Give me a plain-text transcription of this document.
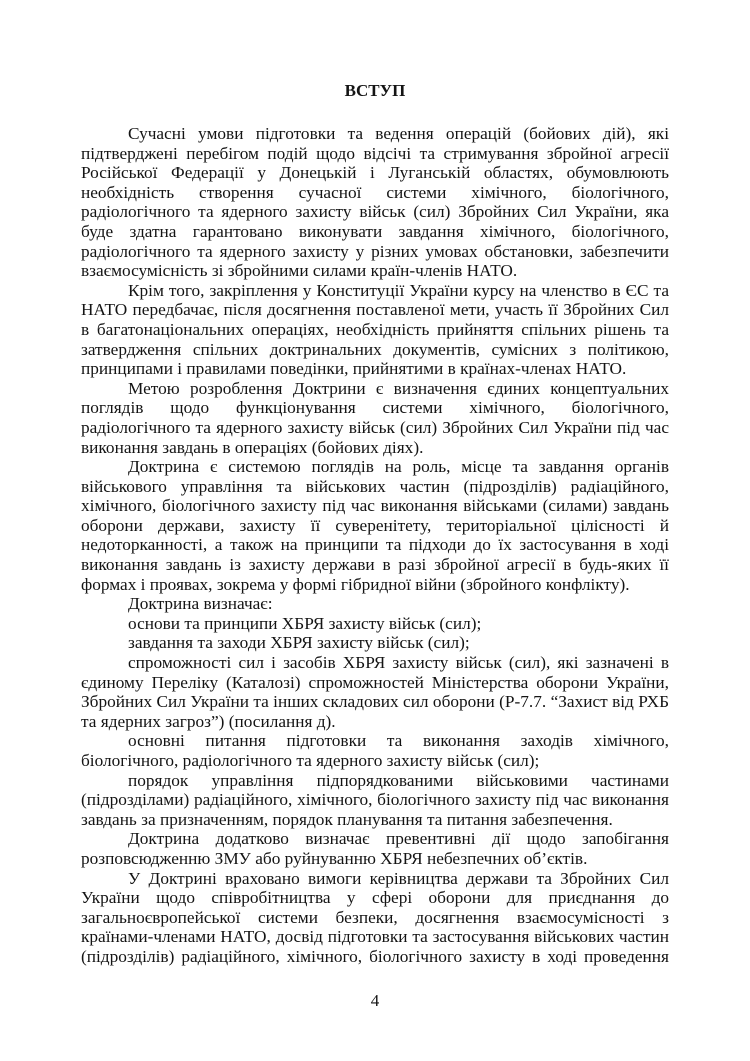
ВСТУП

Сучасні умови підготовки та ведення операцій (бойових дій), які підтверджені перебігом подій щодо відсічі та стримування збройної агресії Російської Федерації у Донецькій і Луганській областях, обумовлюють необхідність створення сучасної системи хімічного, біологічного, радіологічного та ядерного захисту військ (сил) Збройних Сил України, яка буде здатна гарантовано виконувати завдання хімічного, біологічного, радіологічного та ядерного захисту у різних умовах обстановки, забезпечити взаємосумісність зі збройними силами країн-членів НАТО.

Крім того, закріплення у Конституції України курсу на членство в ЄС та НАТО передбачає, після досягнення поставленої мети, участь її Збройних Сил в багатонаціональних операціях, необхідність прийняття спільних рішень та затвердження спільних доктринальних документів, сумісних з політикою, принципами і правилами поведінки, прийнятими в країнах-членах НАТО.

Метою розроблення Доктрини є визначення єдиних концептуальних поглядів щодо функціонування системи хімічного, біологічного, радіологічного та ядерного захисту військ (сил) Збройних Сил України під час виконання завдань в операціях (бойових діях).

Доктрина є системою поглядів на роль, місце та завдання органів військового управління та військових частин (підрозділів) радіаційного, хімічного, біологічного захисту під час виконання військами (силами) завдань оборони держави, захисту її суверенітету, територіальної цілісності й недоторканності, а також на принципи та підходи до їх застосування в ході виконання завдань із захисту держави в разі збройної агресії в будь-яких її формах і проявах, зокрема у формі гібридної війни (збройного конфлікту).

Доктрина визначає:

основи та принципи ХБРЯ захисту військ (сил);

завдання та заходи ХБРЯ захисту військ (сил);

спроможності сил і засобів ХБРЯ захисту військ (сил), які зазначені в єдиному Переліку (Каталозі) спроможностей Міністерства оборони України, Збройних Сил України та інших складових сил оборони (Р-7.7. “Захист від РХБ та ядерних загроз”) (посилання д).

основні питання підготовки та виконання заходів хімічного, біологічного, радіологічного та ядерного захисту військ (сил);

порядок управління підпорядкованими військовими частинами (підрозділами) радіаційного, хімічного, біологічного захисту під час виконання завдань за призначенням, порядок планування та питання забезпечення.

Доктрина додатково визначає превентивні дії щодо запобігання розповсюдженню ЗМУ або руйнуванню ХБРЯ небезпечних об’єктів.

У Доктрині враховано вимоги керівництва держави та Збройних Сил України щодо співробітництва у сфері оборони для приєднання до загальноєвропейської системи безпеки, досягнення взаємосумісності з країнами-членами НАТО, досвід підготовки та застосування військових частин (підрозділів) радіаційного, хімічного, біологічного захисту в ході проведення

4
